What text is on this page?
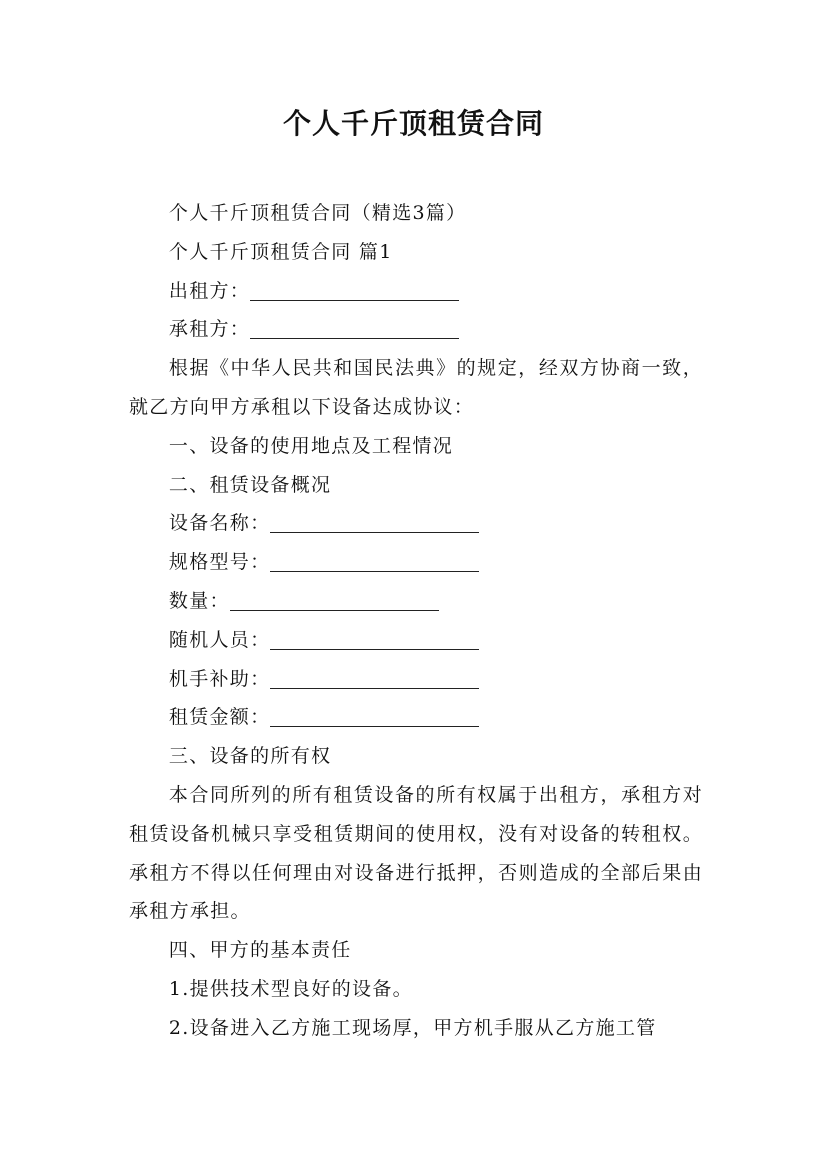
个人千斤顶租赁合同

个人千斤顶租赁合同（精选3篇）

个人千斤顶租赁合同 篇1

出租方：

承租方：

根据《中华人民共和国民法典》的规定，经双方协商一致，就乙方向甲方承租以下设备达成协议：

一、设备的使用地点及工程情况

二、租赁设备概况

设备名称：

规格型号：

数量：

随机人员：

机手补助：

租赁金额：

三、设备的所有权

本合同所列的所有租赁设备的所有权属于出租方，承租方对租赁设备机械只享受租赁期间的使用权，没有对设备的转租权。承租方不得以任何理由对设备进行抵押，否则造成的全部后果由承租方承担。

四、甲方的基本责任

1.提供技术型良好的设备。

2.设备进入乙方施工现场厚，甲方机手服从乙方施工管
